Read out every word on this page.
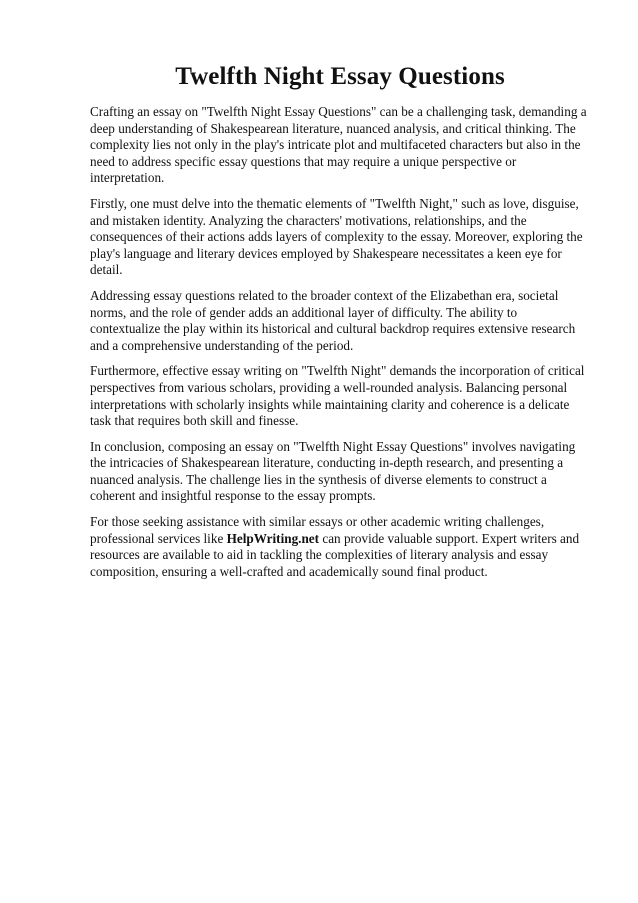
Twelfth Night Essay Questions

Crafting an essay on "Twelfth Night Essay Questions" can be a challenging task, demanding a deep understanding of Shakespearean literature, nuanced analysis, and critical thinking. The complexity lies not only in the play's intricate plot and multifaceted characters but also in the need to address specific essay questions that may require a unique perspective or interpretation.

Firstly, one must delve into the thematic elements of "Twelfth Night," such as love, disguise, and mistaken identity. Analyzing the characters' motivations, relationships, and the consequences of their actions adds layers of complexity to the essay. Moreover, exploring the play's language and literary devices employed by Shakespeare necessitates a keen eye for detail.

Addressing essay questions related to the broader context of the Elizabethan era, societal norms, and the role of gender adds an additional layer of difficulty. The ability to contextualize the play within its historical and cultural backdrop requires extensive research and a comprehensive understanding of the period.

Furthermore, effective essay writing on "Twelfth Night" demands the incorporation of critical perspectives from various scholars, providing a well-rounded analysis. Balancing personal interpretations with scholarly insights while maintaining clarity and coherence is a delicate task that requires both skill and finesse.

In conclusion, composing an essay on "Twelfth Night Essay Questions" involves navigating the intricacies of Shakespearean literature, conducting in-depth research, and presenting a nuanced analysis. The challenge lies in the synthesis of diverse elements to construct a coherent and insightful response to the essay prompts.

For those seeking assistance with similar essays or other academic writing challenges, professional services like HelpWriting.net can provide valuable support. Expert writers and resources are available to aid in tackling the complexities of literary analysis and essay composition, ensuring a well-crafted and academically sound final product.
